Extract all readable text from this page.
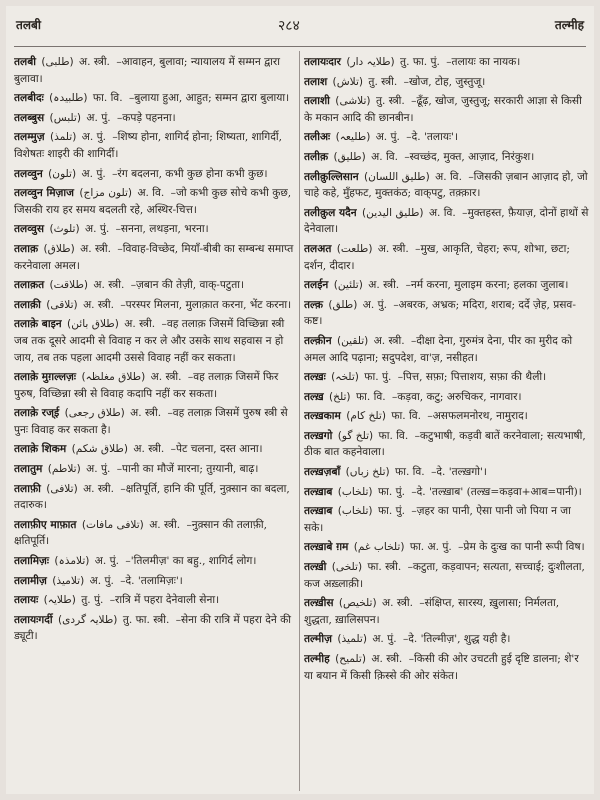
तलबी	२८४	तल्मीह
तलबी (طلبی) अ. स्त्री. –आवाहन, बुलावा; न्यायालय में सम्मन द्वारा बुलावा।
तलबीदः (طلبیدہ) फा. वि. –बुलाया हुआ, आहुत; सम्मन द्वारा बुलाया।
तलब्बुस (تلبس) अ. पुं. –कपड़े पहनना।
तलम्मुज़ (تلمذ) अ. पुं. –शिष्य होना, शागिर्द होना; शिष्यता, शागिर्दी, विशेषतः शाइरी की शागिर्दी।
तलव्वुन (تلون) अ. पुं. –रंग बदलना, कभी कुछ होना कभी कुछ।
तलव्वुन मिज़ाज (تلون مزاج) अ. वि. –जो कभी कुछ सोचे कभी कुछ, जिसकी राय हर समय बदलती रहे, अस्थिर-चित्त।
तलव्वुस (تلوث) अ. पुं. –सनना, लथड़ना, भरना।
तलाक़ (طلاق) अ. स्त्री. –विवाह-विच्छेद, मियाँ-बीबी का सम्बन्ध समाप्त करनेवाला अमल।
तलाक़त (طلاقت) अ. स्त्री. –ज़बान की तेज़ी, वाक्‌-पटुता।
तलाक़ी (تلاقی) अ. स्त्री. –परस्पर मिलना, मुलाक़ात करना, भेंट करना।
तलाक़े बाइन (طلاق بائن) अ. स्त्री. –वह तलाक़ जिसमें विच्छिन्ना स्त्री जब तक दूसरे आदमी से विवाह न कर ले और उसके साथ सहवास न हो जाय, तब तक पहला आदमी उससे विवाह नहीं कर सकता।
तलाक़े मुग़ल्लज़ः (طلاق مغلظہ) अ. स्त्री. –वह तलाक़ जिसमें फिर पुरुष, विच्छिन्ना स्त्री से विवाह कदापि नहीं कर सकता।
तलाक़े रज्ई (طلاق رجعی) अ. स्त्री. –वह तलाक़ जिसमें पुरुष स्त्री से पुनः विवाह कर सकता है।
तलाक़े शिकम (طلاق شکم) अ. स्त्री. –पेट चलना, दस्त आना।
तलातुम (تلاطم) अ. पुं. –पानी का मौजें मारना; तुग़्यानी, बाढ़।
तलाफ़ी (تلافی) अ. स्त्री. –क्षतिपूर्ति, हानि की पूर्ति, नुक़्सान का बदला, तदारुक।
तलाफ़ीए माफ़ात (تلافی مافات) अ. स्त्री. –नुक़्सान की तलाफ़ी, क्षतिपूर्ति।
तलामिज़ः (تلامذہ) अ. पुं. –'तिलमीज़' का बहु., शागिर्द लोग।
तलामीज़ (تلامیذ) अ. पुं. –दे. 'तलामिज़ः'।
तलायः (طلایہ) तु. पुं. –रात्रि में पहरा देनेवाली सेना।
तलायःगर्दी (طلایہ گردی) तु. फा. स्त्री. –सेना की रात्रि में पहरा देने की ड्यूटी।
तलायःदार (طلایہ دار) तु. फा. पुं. –तलायः का नायक।
तलाश (تلاش) तु. स्त्री. –खोज, टोह, जुस्तुजू।
तलाशी (تلاشی) तु. स्त्री. –ढूँढ़, खोज, जुस्तुजू; सरकारी आज्ञा से किसी के मकान आदि की छानबीन।
तलीअः (طلیعہ) अ. पुं. –दे. 'तलायः'।
तलीक़ (طلیق) अ. वि. –स्वच्छंद, मुक्त, आज़ाद, निरंकुश।
तलीक़ुल्लिसान (طلیق اللسان) अ. वि. –जिसकी ज़बान आज़ाद हो, जो चाहे कहे, मुँहफट, मुक्तकंठ; वाक्‌पटु, तक़्क़ार।
तलीक़ुल यदैन (طلیق الیدین) अ. वि. –मुक्तहस्त, फ़ैयाज़, दोनों हाथों से देनेवाला।
तलअत (طلعت) अ. स्त्री. –मुख, आकृति, चेहरा; रूप, शोभा, छटा; दर्शन, दीदार।
तलईन (تلئین) अ. स्त्री. –नर्म करना, मुलाइम करना; हलका जुलाब।
तल्क़ (طلق) अ. पुं. –अबरक, अभ्रक; मदिरा, शराब; दर्दे ज़ेह, प्रसव-कष्ट।
तल्क़ीन (تلقین) अ. स्त्री. –दीक्षा देना, गुरुमंत्र देना, पीर का मुरीद को अमल आदि पढ़ाना; सदुपदेश, वा'ज़, नसीहत।
तल्ख़ः (تلخہ) फा. पुं. –पित्त, सफ़ा; पित्ताशय, सफ़ा की थैली।
तल्ख़ (تلخ) फा. वि. –कड़वा, कटु; अरुचिकर, नागवार।
तल्ख़काम (تلخ کام) फा. वि. –असफलमनोरथ, नामुराद।
तल्ख़गो (تلخ گو) फा. वि. –कटुभाषी, कड़वी बातें करनेवाला; सत्यभाषी, ठीक बात कहनेवाला।
तल्ख़ज़बाँ (تلخ زباں) फा. वि. –दे. 'तल्ख़गो'।
तल्ख़ाब (تلخاب) फा. पुं. –दे. 'तल्ख़ाब' (तल्ख़=कड़वा+आब=पानी)।
तल्ख़ाब (تلخاب) फा. पुं. –ज़हर का पानी, ऐसा पानी जो पिया न जा सके।
तल्ख़ाबे ग़म (تلخاب غم) फा. अ. पुं. –प्रेम के दुःख का पानी रूपी विष।
तल्ख़ी (تلخی) फा. स्त्री. –कटुता, कड़वापन; सत्यता, सच्चाई; दुःशीलता, कज अख़्लाक़ी।
तल्ख़ीस (تلخیص) अ. स्त्री. –संक्षिप्त, सारस्य, ख़ुलासा; निर्मलता, शुद्धता, ख़ालिसपन।
तल्मीज़ (تلمیذ) अ. पुं. –दे. 'तिल्मीज़', शुद्ध यही है।
तल्मीह (تلمیح) अ. स्त्री. –किसी की ओर उचटती हुई दृष्टि डालना; शे'र या बयान में किसी क़िस्से की ओर संकेत।
